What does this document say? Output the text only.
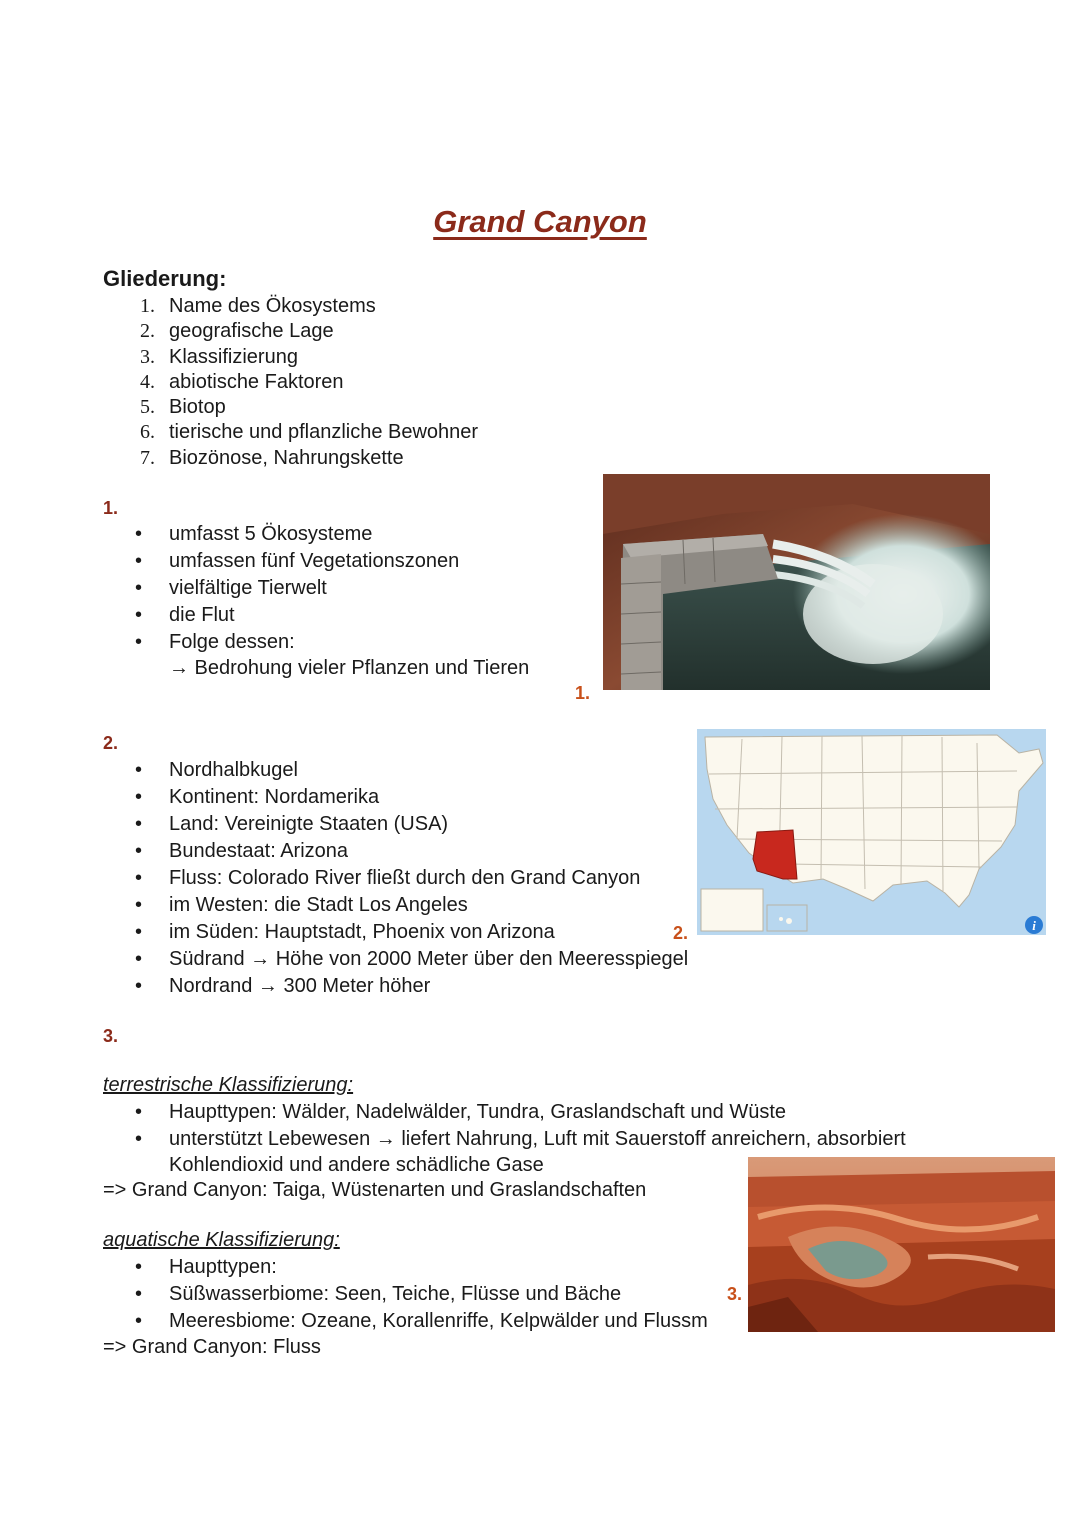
Grand Canyon
Gliederung:
1. Name des Ökosystems
2. geografische Lage
3. Klassifizierung
4. abiotische Faktoren
5. Biotop
6. tierische und pflanzliche Bewohner
7. Biozönose, Nahrungskette
1.
• umfasst 5 Ökosysteme
• umfassen fünf Vegetationszonen
• vielfältige Tierwelt
• die Flut
• Folge dessen:
→ Bedrohung vieler Pflanzen und Tieren
1.
2.
• Nordhalbkugel
• Kontinent: Nordamerika
• Land: Vereinigte Staaten (USA)
• Bundestaat: Arizona
• Fluss: Colorado River fließt durch den Grand Canyon
• im Westen: die Stadt Los Angeles
• im Süden: Hauptstadt, Phoenix von Arizona
• Südrand → Höhe von 2000 Meter über den Meeresspiegel
• Nordrand → 300 Meter höher
i
2.
3.
terrestrische Klassifizierung:
• Haupttypen: Wälder, Nadelwälder, Tundra, Graslandschaft und Wüste
• unterstützt Lebewesen → liefert Nahrung, Luft mit Sauerstoff anreichern, absorbiert
Kohlendioxid und andere schädliche Gase
=> Grand Canyon: Taiga, Wüstenarten und Graslandschaften
aquatische Klassifizierung:
• Haupttypen:
• Süßwasserbiome: Seen, Teiche, Flüsse und Bäche
• Meeresbiome: Ozeane, Korallenriffe, Kelpwälder und Flussm
=> Grand Canyon: Fluss
3.
